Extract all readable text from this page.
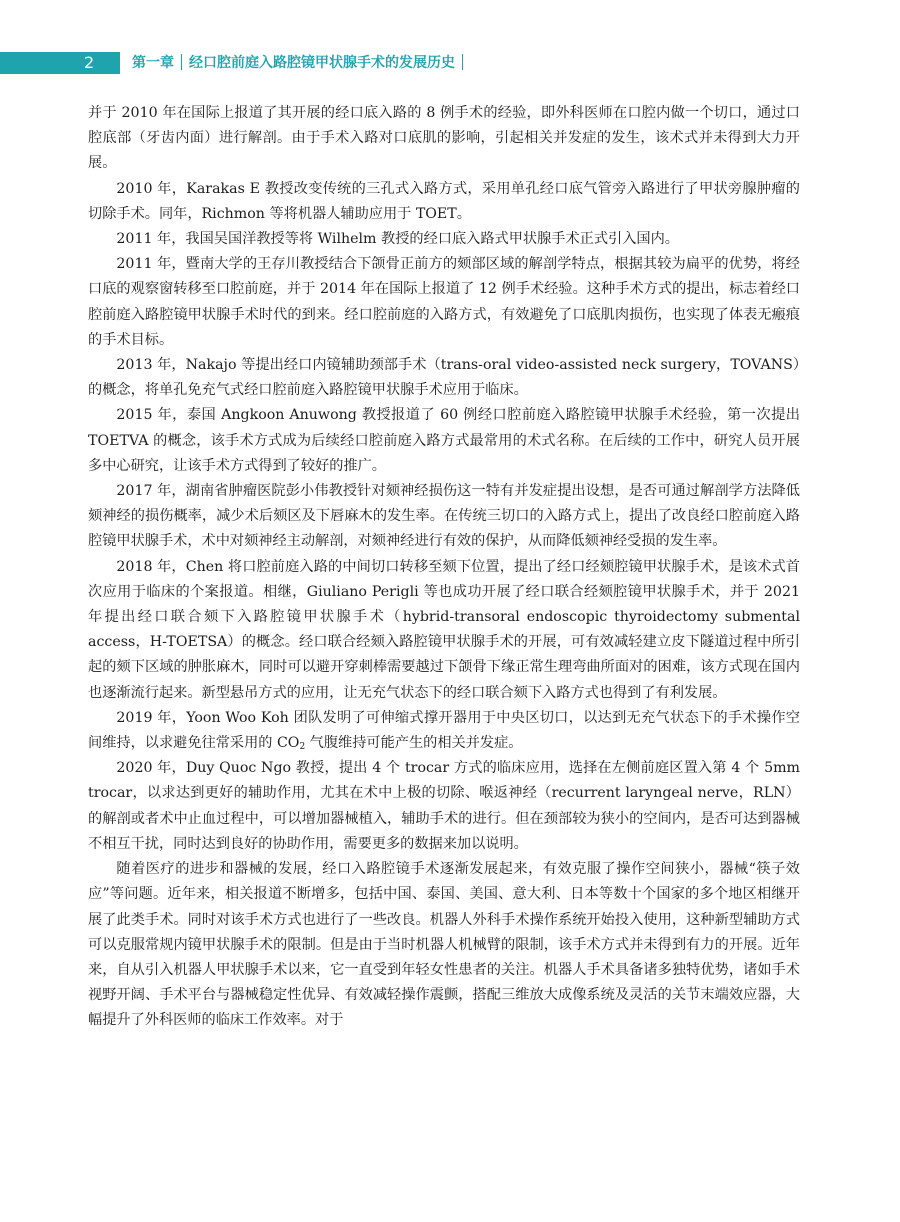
2	第一章 经口腔前庭入路腔镜甲状腺手术的发展历史

并于 2010 年在国际上报道了其开展的经口底入路的 8 例手术的经验，即外科医师在口腔内做一个切口，通过口腔底部（牙齿内面）进行解剖。由于手术入路对口底肌的影响，引起相关并发症的发生，该术式并未得到大力开展。

2010 年，Karakas E 教授改变传统的三孔式入路方式，采用单孔经口底气管旁入路进行了甲状旁腺肿瘤的切除手术。同年，Richmon 等将机器人辅助应用于 TOET。

2011 年，我国吴国洋教授等将 Wilhelm 教授的经口底入路式甲状腺手术正式引入国内。

2011 年，暨南大学的王存川教授结合下颌骨正前方的颏部区域的解剖学特点，根据其较为扁平的优势，将经口底的观察窗转移至口腔前庭，并于 2014 年在国际上报道了 12 例手术经验。这种手术方式的提出，标志着经口腔前庭入路腔镜甲状腺手术时代的到来。经口腔前庭的入路方式，有效避免了口底肌肉损伤，也实现了体表无瘢痕的手术目标。

2013 年，Nakajo 等提出经口内镜辅助颈部手术（trans-oral video-assisted neck surgery，TOVANS）的概念，将单孔免充气式经口腔前庭入路腔镜甲状腺手术应用于临床。

2015 年，泰国 Angkoon Anuwong 教授报道了 60 例经口腔前庭入路腔镜甲状腺手术经验，第一次提出 TOETVA 的概念，该手术方式成为后续经口腔前庭入路方式最常用的术式名称。在后续的工作中，研究人员开展多中心研究，让该手术方式得到了较好的推广。

2017 年，湖南省肿瘤医院彭小伟教授针对颏神经损伤这一特有并发症提出设想，是否可通过解剖学方法降低颏神经的损伤概率，减少术后颏区及下唇麻木的发生率。在传统三切口的入路方式上，提出了改良经口腔前庭入路腔镜甲状腺手术，术中对颏神经主动解剖，对颏神经进行有效的保护，从而降低颏神经受损的发生率。

2018 年，Chen 将口腔前庭入路的中间切口转移至颏下位置，提出了经口经颏腔镜甲状腺手术，是该术式首次应用于临床的个案报道。相继，Giuliano Perigli 等也成功开展了经口联合经颏腔镜甲状腺手术，并于 2021 年提出经口联合颏下入路腔镜甲状腺手术（hybrid-transoral endoscopic thyroidectomy submental access，H-TOETSA）的概念。经口联合经颏入路腔镜甲状腺手术的开展，可有效减轻建立皮下隧道过程中所引起的颏下区域的肿胀麻木，同时可以避开穿刺棒需要越过下颌骨下缘正常生理弯曲所面对的困难，该方式现在国内也逐渐流行起来。新型悬吊方式的应用，让无充气状态下的经口联合颏下入路方式也得到了有利发展。

2019 年，Yoon Woo Koh 团队发明了可伸缩式撑开器用于中央区切口，以达到无充气状态下的手术操作空间维持，以求避免往常采用的 $CO_2$ 气腹维持可能产生的相关并发症。

2020 年，Duy Quoc Ngo 教授，提出 4 个 trocar 方式的临床应用，选择在左侧前庭区置入第 4 个 5mm trocar，以求达到更好的辅助作用，尤其在术中上极的切除、喉返神经（recurrent laryngeal nerve，RLN）的解剖或者术中止血过程中，可以增加器械植入，辅助手术的进行。但在颈部较为狭小的空间内，是否可达到器械不相互干扰，同时达到良好的协助作用，需要更多的数据来加以说明。

随着医疗的进步和器械的发展，经口入路腔镜手术逐渐发展起来，有效克服了操作空间狭小，器械“筷子效应”等问题。近年来，相关报道不断增多，包括中国、泰国、美国、意大利、日本等数十个国家的多个地区相继开展了此类手术。同时对该手术方式也进行了一些改良。机器人外科手术操作系统开始投入使用，这种新型辅助方式可以克服常规内镜甲状腺手术的限制。但是由于当时机器人机械臂的限制，该手术方式并未得到有力的开展。近年来，自从引入机器人甲状腺手术以来，它一直受到年轻女性患者的关注。机器人手术具备诸多独特优势，诸如手术视野开阔、手术平台与器械稳定性优异、有效减轻操作震颤，搭配三维放大成像系统及灵活的关节末端效应器，大幅提升了外科医师的临床工作效率。对于
